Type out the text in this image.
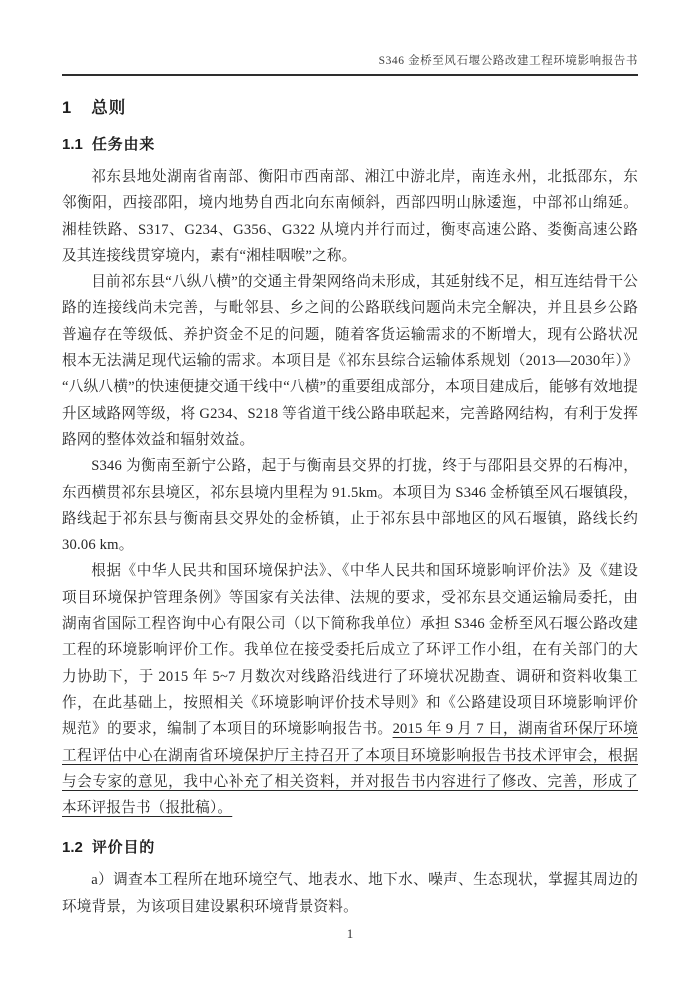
S346 金桥至风石堰公路改建工程环境影响报告书
1 总则
1.1 任务由来

祁东县地处湖南省南部、衡阳市西南部、湘江中游北岸，南连永州，北抵邵东，东邻衡阳，西接邵阳，境内地势自西北向东南倾斜，西部四明山脉逶迤，中部祁山绵延。湘桂铁路、S317、G234、G356、G322 从境内并行而过，衡枣高速公路、娄衡高速公路及其连接线贯穿境内，素有“湘桂咽喉”之称。

目前祁东县“八纵八横”的交通主骨架网络尚未形成，其延射线不足，相互连结骨干公路的连接线尚未完善，与毗邻县、乡之间的公路联线问题尚未完全解决，并且县乡公路普遍存在等级低、养护资金不足的问题，随着客货运输需求的不断增大，现有公路状况根本无法满足现代运输的需求。本项目是《祁东县综合运输体系规划（2013—2030年）》“八纵八横”的快速便捷交通干线中“八横”的重要组成部分，本项目建成后，能够有效地提升区域路网等级，将 G234、S218 等省道干线公路串联起来，完善路网结构，有利于发挥路网的整体效益和辐射效益。

S346 为衡南至新宁公路，起于与衡南县交界的打拢，终于与邵阳县交界的石梅冲，东西横贯祁东县境区，祁东县境内里程为 91.5km。本项目为 S346 金桥镇至风石堰镇段，路线起于祁东县与衡南县交界处的金桥镇，止于祁东县中部地区的风石堰镇，路线长约 30.06 km。

根据《中华人民共和国环境保护法》、《中华人民共和国环境影响评价法》及《建设项目环境保护管理条例》等国家有关法律、法规的要求，受祁东县交通运输局委托，由湖南省国际工程咨询中心有限公司（以下简称我单位）承担 S346 金桥至风石堰公路改建工程的环境影响评价工作。我单位在接受委托后成立了环评工作小组，在有关部门的大力协助下，于 2015 年 5~7 月数次对线路沿线进行了环境状况勘查、调研和资料收集工作，在此基础上，按照相关《环境影响评价技术导则》和《公路建设项目环境影响评价规范》的要求，编制了本项目的环境影响报告书。2015 年 9 月 7 日，湖南省环保厅环境工程评估中心在湖南省环境保护厅主持召开了本项目环境影响报告书技术评审会，根据与会专家的意见，我中心补充了相关资料，并对报告书内容进行了修改、完善，形成了本环评报告书（报批稿）。

1.2 评价目的

a）调查本工程所在地环境空气、地表水、地下水、噪声、生态现状，掌握其周边的环境背景，为该项目建设累积环境背景资料。

1
